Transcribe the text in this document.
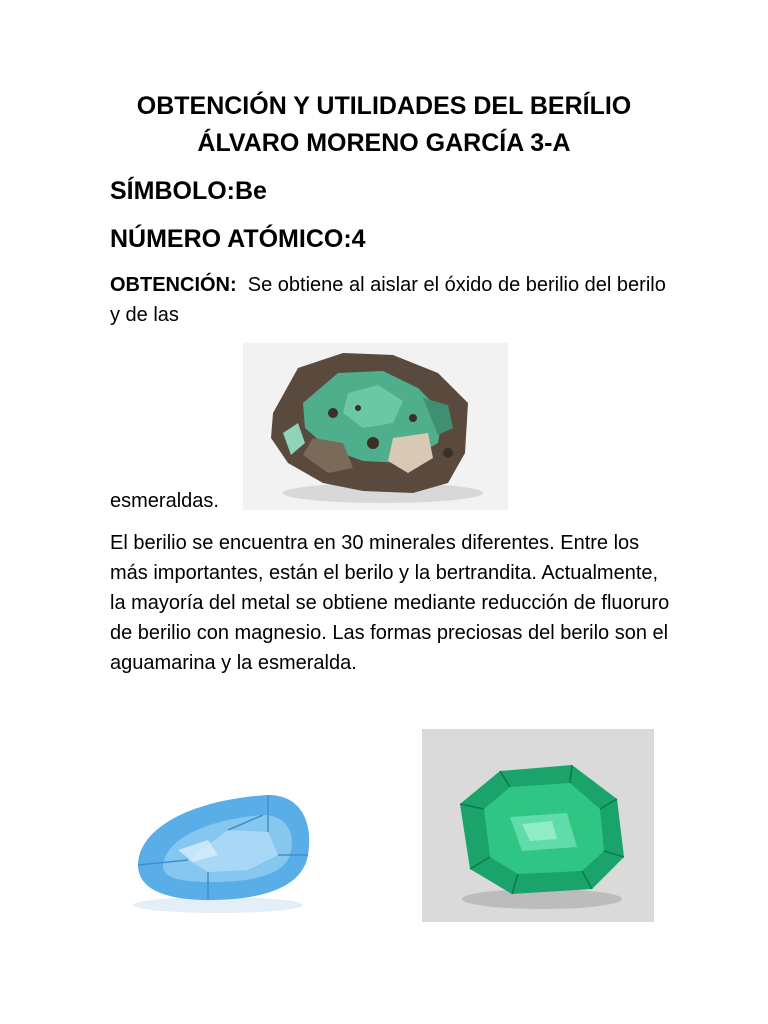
OBTENCIÓN Y UTILIDADES DEL BERÍLIO
ÁLVARO MORENO GARCÍA 3-A
SÍMBOLO:Be
NÚMERO ATÓMICO:4
OBTENCIÓN:  Se obtiene al aislar el óxido de berilio del berilo y de las
esmeraldas.
El berilio se encuentra en 30 minerales diferentes. Entre los más importantes, están el berilo y la bertrandita. Actualmente, la mayoría del metal se obtiene mediante reducción de fluoruro de berilio con magnesio. Las formas preciosas del berilo son el aguamarina y la esmeralda.
